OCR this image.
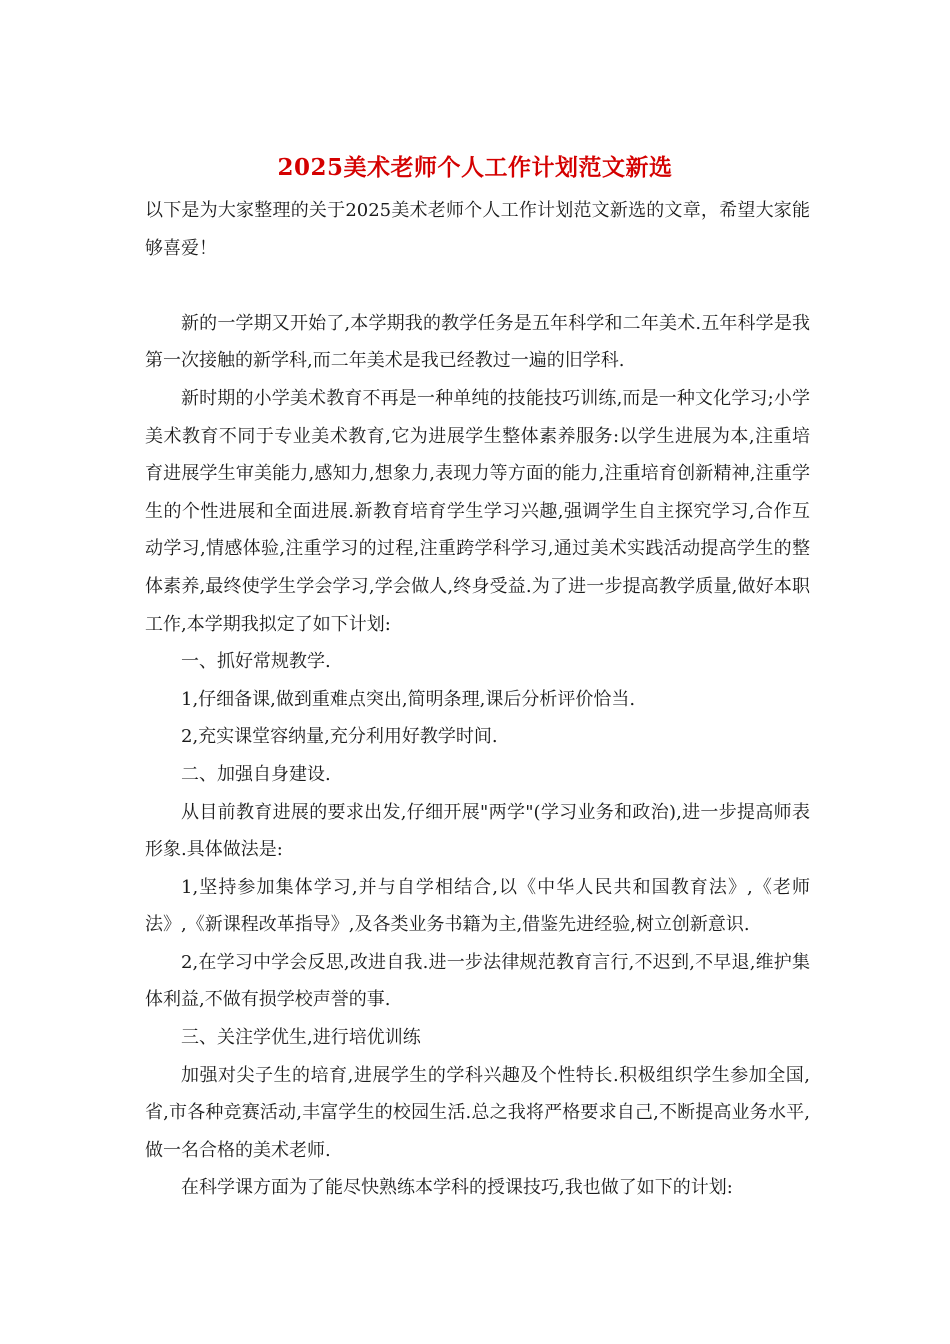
2025美术老师个人工作计划范文新选

以下是为大家整理的关于2025美术老师个人工作计划范文新选的文章，希望大家能够喜爱！

新的一学期又开始了,本学期我的教学任务是五年科学和二年美术.五年科学是我第一次接触的新学科,而二年美术是我已经教过一遍的旧学科.

新时期的小学美术教育不再是一种单纯的技能技巧训练,而是一种文化学习;小学美术教育不同于专业美术教育,它为进展学生整体素养服务:以学生进展为本,注重培育进展学生审美能力,感知力,想象力,表现力等方面的能力,注重培育创新精神,注重学生的个性进展和全面进展.新教育培育学生学习兴趣,强调学生自主探究学习,合作互动学习,情感体验,注重学习的过程,注重跨学科学习,通过美术实践活动提高学生的整体素养,最终使学生学会学习,学会做人,终身受益.为了进一步提高教学质量,做好本职工作,本学期我拟定了如下计划:

一、抓好常规教学.

1,仔细备课,做到重难点突出,简明条理,课后分析评价恰当.

2,充实课堂容纳量,充分利用好教学时间.

二、加强自身建设.

从目前教育进展的要求出发,仔细开展"两学"(学习业务和政治),进一步提高师表形象.具体做法是:

1,坚持参加集体学习,并与自学相结合,以《中华人民共和国教育法》,《老师法》,《新课程改革指导》,及各类业务书籍为主,借鉴先进经验,树立创新意识.

2,在学习中学会反思,改进自我.进一步法律规范教育言行,不迟到,不早退,维护集体利益,不做有损学校声誉的事.

三、关注学优生,进行培优训练

加强对尖子生的培育,进展学生的学科兴趣及个性特长.积极组织学生参加全国,省,市各种竞赛活动,丰富学生的校园生活.总之我将严格要求自己,不断提高业务水平,做一名合格的美术老师.

在科学课方面为了能尽快熟练本学科的授课技巧,我也做了如下的计划:
